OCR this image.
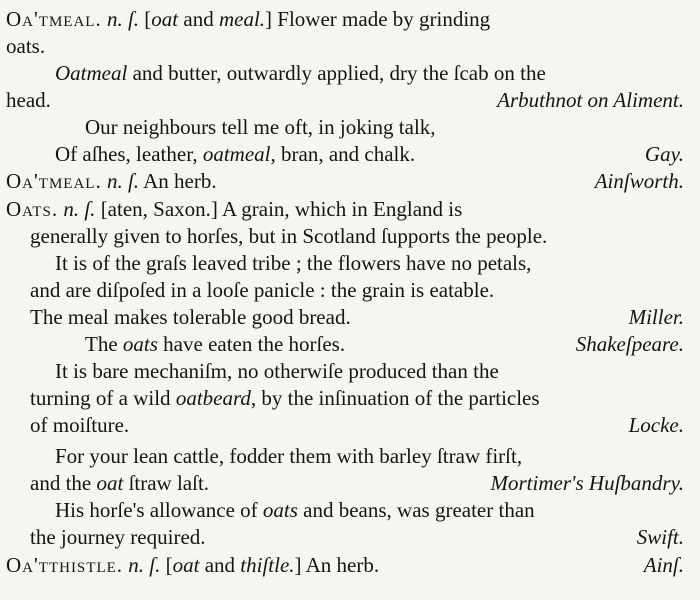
Oa'tmeal. n. ſ. [oat and meal.] Flower made by grinding
oats.
Oatmeal and butter, outwardly applied, dry the ſcab on the
head.	Arbuthnot on Aliment.
Our neighbours tell me oft, in joking talk,
Of aſhes, leather, oatmeal, bran, and chalk.	Gay.
Oa'tmeal. n. ſ. An herb.	Ainſworth.
Oats. n. ſ. [aten, Saxon.] A grain, which in England is
generally given to horſes, but in Scotland ſupports the people.
It is of the graſs leaved tribe ; the flowers have no petals,
and are diſpoſed in a looſe panicle : the grain is eatable.
The meal makes tolerable good bread.	Miller.
The oats have eaten the horſes.	Shakeſpeare.
It is bare mechaniſm, no otherwiſe produced than the
turning of a wild oatbeard, by the inſinuation of the particles
of moiſture.	Locke.
For your lean cattle, fodder them with barley ſtraw firſt,
and the oat ſtraw laſt.	Mortimer's Huſbandry.
His horſe's allowance of oats and beans, was greater than
the journey required.	Swift.
Oa'tthistle. n. ſ. [oat and thiſtle.] An herb.	Ainſ.
